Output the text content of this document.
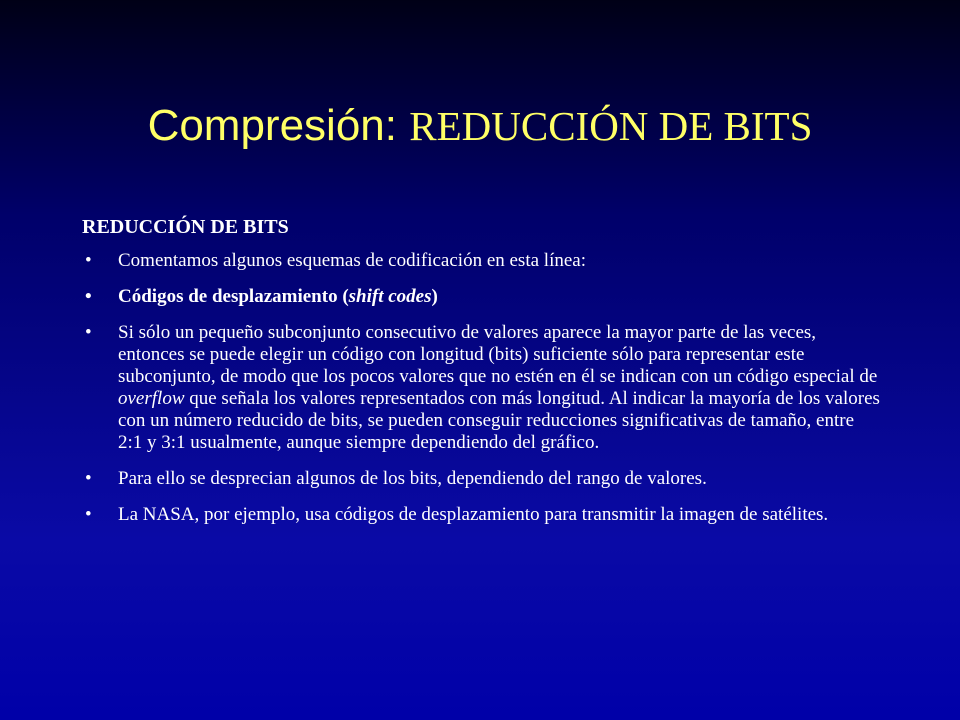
Compresión: REDUCCIÓN DE BITS
REDUCCIÓN DE BITS
• Comentamos algunos esquemas de codificación en esta línea:
• Códigos de desplazamiento (shift codes)
• Si sólo un pequeño subconjunto consecutivo de valores aparece la mayor parte de las veces, entonces se puede elegir un código con longitud (bits) suficiente sólo para representar este subconjunto, de modo que los pocos valores que no estén en él se indican con un código especial de overflow que señala los valores representados con más longitud. Al indicar la mayoría de los valores con un número reducido de bits, se pueden conseguir reducciones significativas de tamaño, entre 2:1 y 3:1 usualmente, aunque siempre dependiendo del gráfico.
• Para ello se desprecian algunos de los bits, dependiendo del rango de valores.
• La NASA, por ejemplo, usa códigos de desplazamiento para transmitir la imagen de satélites.
